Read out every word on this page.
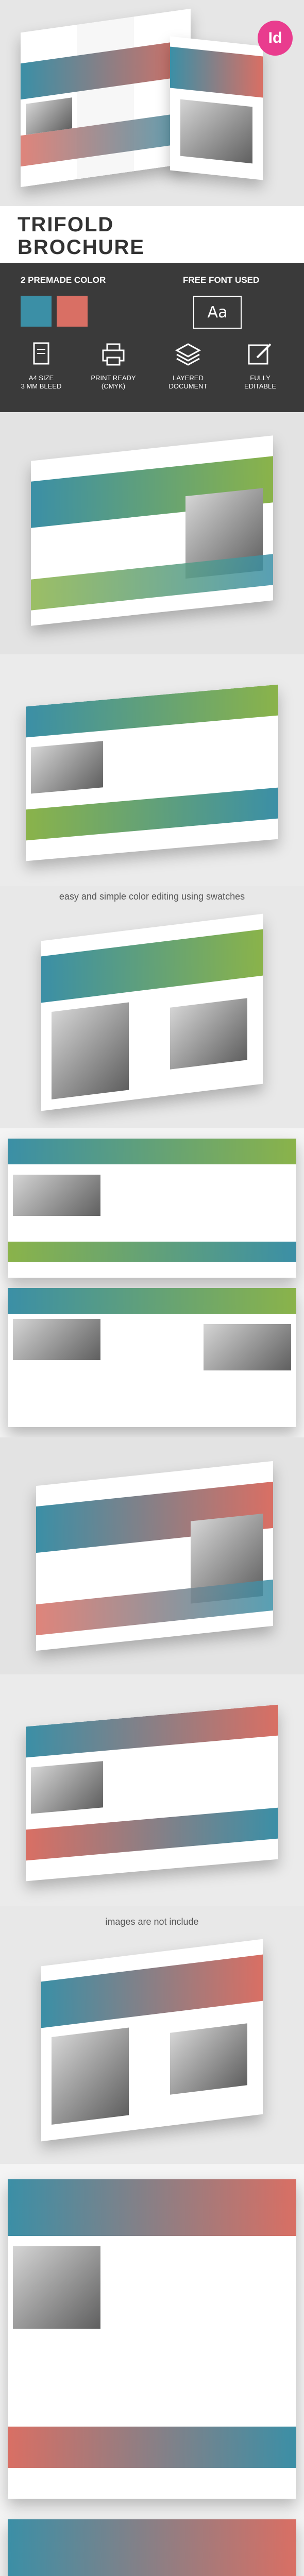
Id
TRIFOLD
BROCHURE
2 PREMADE COLOR	FREE FONT USED
Aa
A4 SIZE
3 MM BLEED
PRINT READY
(CMYK)
LAYERED
DOCUMENT
FULLY
EDITABLE
easy and simple color editing using swatches
images are not include
